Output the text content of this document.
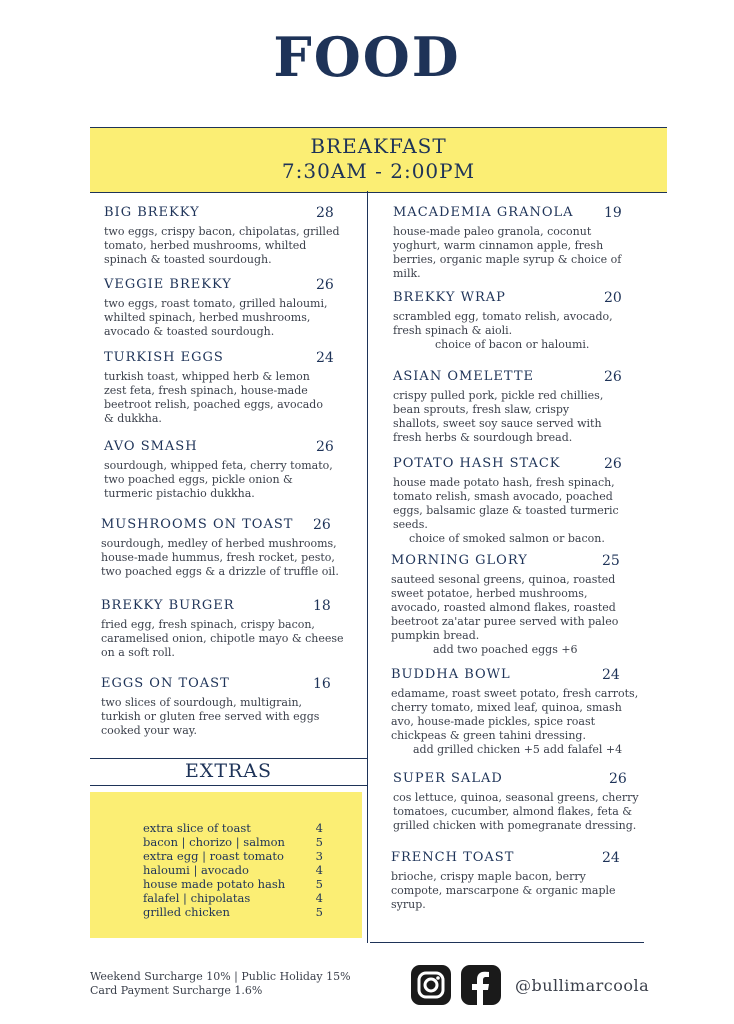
FOOD
BREAKFAST
7:30AM - 2:00PM
BIG BREKKY	28
two eggs, crispy bacon, chipolatas, grilled tomato, herbed mushrooms, whilted spinach & toasted sourdough.
VEGGIE BREKKY	26
two eggs, roast tomato, grilled haloumi, whilted spinach, herbed mushrooms, avocado & toasted sourdough.
TURKISH EGGS	24
turkish toast, whipped herb & lemon zest feta, fresh spinach, house-made beetroot relish, poached eggs, avocado & dukkha.
AVO SMASH	26
sourdough, whipped feta, cherry tomato, two poached eggs, pickle onion & turmeric pistachio dukkha.
MUSHROOMS ON TOAST 26
sourdough, medley of herbed mushrooms, house-made hummus, fresh rocket, pesto, two poached eggs & a drizzle of truffle oil.
BREKKY BURGER	18
fried egg, fresh spinach, crispy bacon, caramelised onion, chipotle mayo & cheese on a soft roll.
EGGS ON TOAST	16
two slices of sourdough, multigrain, turkish or gluten free served with eggs cooked your way.
EXTRAS
extra slice of toast	4
bacon | chorizo | salmon	5
extra egg | roast tomato	3
haloumi | avocado	4
house made potato hash	5
falafel | chipolatas	4
grilled chicken	5
MACADEMIA GRANOLA 19
house-made paleo granola, coconut yoghurt, warm cinnamon apple, fresh berries, organic maple syrup & choice of milk.
BREKKY WRAP	20
scrambled egg, tomato relish, avocado, fresh spinach & aioli.
choice of bacon or haloumi.
ASIAN OMELETTE	26
crispy pulled pork, pickle red chillies, bean sprouts, fresh slaw, crispy shallots, sweet soy sauce served with fresh herbs & sourdough bread.
POTATO HASH STACK	26
house made potato hash, fresh spinach, tomato relish, smash avocado, poached eggs, balsamic glaze & toasted turmeric seeds.
choice of smoked salmon or bacon.
MORNING GLORY	25
sauteed sesonal greens, quinoa, roasted sweet potatoe, herbed mushrooms, avocado, roasted almond flakes, roasted beetroot za'atar puree served with paleo pumpkin bread.
add two poached eggs +6
BUDDHA BOWL	24
edamame, roast sweet potato, fresh carrots, cherry tomato, mixed leaf, quinoa, smash avo, house-made pickles, spice roast chickpeas & green tahini dressing.
add grilled chicken +5 add falafel +4
SUPER SALAD	26
cos lettuce, quinoa, seasonal greens, cherry tomatoes, cucumber, almond flakes, feta & grilled chicken with pomegranate dressing.
FRENCH TOAST	24
brioche, crispy maple bacon, berry compote, marscarpone & organic maple syrup.
Weekend Surcharge 10% | Public Holiday 15%
Card Payment Surcharge 1.6%	@bullimarcoola
